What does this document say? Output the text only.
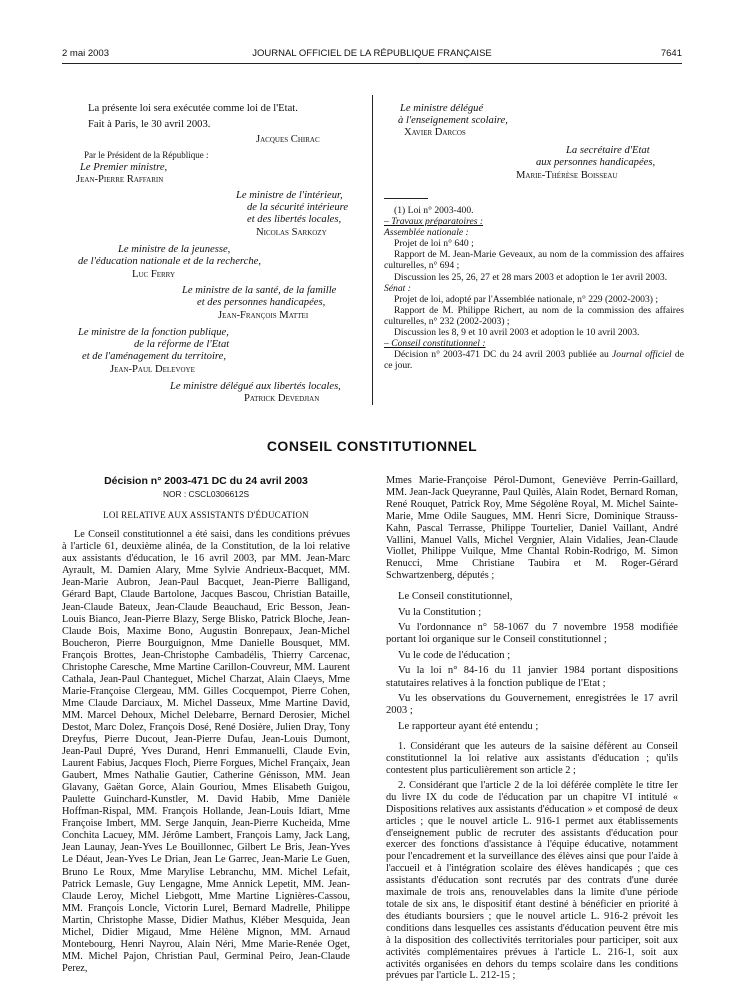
2 mai 2003	JOURNAL OFFICIEL DE LA RÉPUBLIQUE FRANÇAISE	7641
La présente loi sera exécutée comme loi de l'Etat.
Fait à Paris, le 30 avril 2003.
Jacques Chirac
Par le Président de la République :
Le Premier ministre,
Jean-Pierre Raffarin
Le ministre de l'intérieur,
de la sécurité intérieure
et des libertés locales,
Nicolas Sarkozy
Le ministre de la jeunesse,
de l'éducation nationale et de la recherche,
Luc Ferry
Le ministre de la santé, de la famille
et des personnes handicapées,
Jean-François Mattei
Le ministre de la fonction publique,
de la réforme de l'Etat
et de l'aménagement du territoire,
Jean-Paul Delevoye
Le ministre délégué aux libertés locales,
Patrick Devedjian
Le ministre délégué
à l'enseignement scolaire,
Xavier Darcos
La secrétaire d'Etat
aux personnes handicapées,
Marie-Thérèse Boisseau

(1) Loi n° 2003-400.

– Travaux préparatoires :

Assemblée nationale :

Projet de loi n° 640 ;

Rapport de M. Jean-Marie Geveaux, au nom de la commission des affaires culturelles, n° 694 ;

Discussion les 25, 26, 27 et 28 mars 2003 et adoption le 1er avril 2003.

Sénat :

Projet de loi, adopté par l'Assemblée nationale, n° 229 (2002-2003) ;

Rapport de M. Philippe Richert, au nom de la commission des affaires culturelles, n° 232 (2002-2003) ;

Discussion les 8, 9 et 10 avril 2003 et adoption le 10 avril 2003.

– Conseil constitutionnel :

Décision n° 2003-471 DC du 24 avril 2003 publiée au Journal officiel de ce jour.

CONSEIL CONSTITUTIONNEL
Décision n° 2003-471 DC du 24 avril 2003
NOR : CSCL0306612S
LOI RELATIVE AUX ASSISTANTS D'ÉDUCATION

Le Conseil constitutionnel a été saisi, dans les conditions prévues à l'article 61, deuxième alinéa, de la Constitution, de la loi relative aux assistants d'éducation, le 16 avril 2003, par MM. Jean-Marc Ayrault, M. Damien Alary, Mme Sylvie Andrieux-Bacquet, MM. Jean-Marie Aubron, Jean-Paul Bacquet, Jean-Pierre Balligand, Gérard Bapt, Claude Bartolone, Jacques Bascou, Christian Bataille, Jean-Claude Bateux, Jean-Claude Beauchaud, Eric Besson, Jean-Louis Bianco, Jean-Pierre Blazy, Serge Blisko, Patrick Bloche, Jean-Claude Bois, Maxime Bono, Augustin Bonrepaux, Jean-Michel Boucheron, Pierre Bourguignon, Mme Danielle Bousquet, MM. François Brottes, Jean-Christophe Cambadélis, Thierry Carcenac, Christophe Caresche, Mme Martine Carillon-Couvreur, MM. Laurent Cathala, Jean-Paul Chanteguet, Michel Charzat, Alain Claeys, Mme Marie-Françoise Clergeau, MM. Gilles Cocquempot, Pierre Cohen, Mme Claude Darciaux, M. Michel Dasseux, Mme Martine David, MM. Marcel Dehoux, Michel Delebarre, Bernard Derosier, Michel Destot, Marc Dolez, François Dosé, René Dosière, Julien Dray, Tony Dreyfus, Pierre Ducout, Jean-Pierre Dufau, Jean-Louis Dumont, Jean-Paul Dupré, Yves Durand, Henri Emmanuelli, Claude Evin, Laurent Fabius, Jacques Floch, Pierre Forgues, Michel Françaix, Jean Gaubert, Mmes Nathalie Gautier, Catherine Génisson, MM. Jean Glavany, Gaëtan Gorce, Alain Gouriou, Mmes Elisabeth Guigou, Paulette Guinchard-Kunstler, M. David Habib, Mme Danièle Hoffman-Rispal, MM. François Hollande, Jean-Louis Idiart, Mme Françoise Imbert, MM. Serge Janquin, Jean-Pierre Kucheida, Mme Conchita Lacuey, MM. Jérôme Lambert, François Lamy, Jack Lang, Jean Launay, Jean-Yves Le Bouillonnec, Gilbert Le Bris, Jean-Yves Le Déaut, Jean-Yves Le Drian, Jean Le Garrec, Jean-Marie Le Guen, Bruno Le Roux, Mme Marylise Lebranchu, MM. Michel Lefait, Patrick Lemasle, Guy Lengagne, Mme Annick Lepetit, MM. Jean-Claude Leroy, Michel Liebgott, Mme Martine Lignières-Cassou, MM. François Loncle, Victorin Lurel, Bernard Madrelle, Philippe Martin, Christophe Masse, Didier Mathus, Kléber Mesquida, Jean Michel, Didier Migaud, Mme Hélène Mignon, MM. Arnaud Montebourg, Henri Nayrou, Alain Néri, Mme Marie-Renée Oget, MM. Michel Pajon, Christian Paul, Germinal Peiro, Jean-Claude Perez,

Mmes Marie-Françoise Pérol-Dumont, Geneviève Perrin-Gaillard, MM. Jean-Jack Queyranne, Paul Quilès, Alain Rodet, Bernard Roman, René Rouquet, Patrick Roy, Mme Ségolène Royal, M. Michel Sainte-Marie, Mme Odile Saugues, MM. Henri Sicre, Dominique Strauss-Kahn, Pascal Terrasse, Philippe Tourtelier, Daniel Vaillant, André Vallini, Manuel Valls, Michel Vergnier, Alain Vidalies, Jean-Claude Viollet, Philippe Vuilque, Mme Chantal Robin-Rodrigo, M. Simon Renucci, Mme Christiane Taubira et M. Roger-Gérard Schwartzenberg, députés ;

Le Conseil constitutionnel,

Vu la Constitution ;

Vu l'ordonnance n° 58-1067 du 7 novembre 1958 modifiée portant loi organique sur le Conseil constitutionnel ;

Vu le code de l'éducation ;

Vu la loi n° 84-16 du 11 janvier 1984 portant dispositions statutaires relatives à la fonction publique de l'Etat ;

Vu les observations du Gouvernement, enregistrées le 17 avril 2003 ;

Le rapporteur ayant été entendu ;

1. Considérant que les auteurs de la saisine défèrent au Conseil constitutionnel la loi relative aux assistants d'éducation ; qu'ils contestent plus particulièrement son article 2 ;

2. Considérant que l'article 2 de la loi déférée complète le titre Ier du livre IX du code de l'éducation par un chapitre VI intitulé « Dispositions relatives aux assistants d'éducation » et composé de deux articles ; que le nouvel article L. 916-1 permet aux établissements d'enseignement public de recruter des assistants d'éducation pour exercer des fonctions d'assistance à l'équipe éducative, notamment pour l'encadrement et la surveillance des élèves ainsi que pour l'aide à l'accueil et à l'intégration scolaire des élèves handicapés ; que ces assistants d'éducation sont recrutés par des contrats d'une durée maximale de trois ans, renouvelables dans la limite d'une période totale de six ans, le dispositif étant destiné à bénéficier en priorité à des étudiants boursiers ; que le nouvel article L. 916-2 prévoit les conditions dans lesquelles ces assistants d'éducation peuvent être mis à la disposition des collectivités territoriales pour participer, soit aux activités complémentaires prévues à l'article L. 216-1, soit aux activités organisées en dehors du temps scolaire dans les conditions prévues par l'article L. 212-15 ;
